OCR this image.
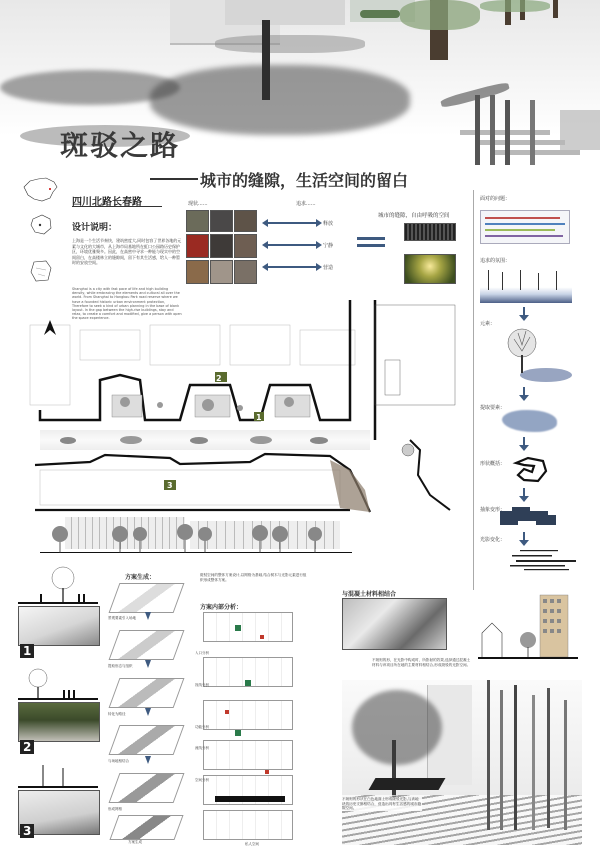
斑驳之路
城市的缝隙，生活空间的留白
四川北路长春路
设计说明：
上海是一个生活节奏快，建筑密度大,同时包容了世界各地的元素与文化的大城市，从上海市局基地所在虹口公园路历史保护区，环境优雅聚多。因此，在高密中寻求一种能与现实中的空间留白，在高楼林立的缝隙间，留下有其生活感，给人一种暂时的安放空间。
Shanghai is a city with fast pace of life and high building density, while embracing the elements and cultural all over the world. From Shanghai to Hongkou Park road reserve where we have a founded historic urban environment protection, Therefore to seek a kind of urban planning in the base of blank layout. In the gap between the high-rise buildings, stay and relax, to create a comfort and modified, give a person with open the space experience.
现状......	追求......
释放
宁静
营造
城市的缝隙，自由呼吸的空间
面对的问题：
追求的氛围：
元素：
提取要素：
形状概括：
抽象变形：
光影变化：
2
1
3
1
2
3
方案生成：
景观要素引入场地
提取形态与组织
转化为路径
与场地相结合
形成网格
方案生成
斑驳空间的整体方案设计,以网格为基础,结合树木与光影元素进行组织形成整体方案。
方案内部分析：
入口分析
视线分析
功能分析
流线分析
空间分析
私人空间
与混凝土材料相结合
不规则的形，在光影中构成时，所影射的效果,选择通过混凝土材料与该项目所在地的主要材料相结合,形成斑驳的光影空间。
不规则的形状在白色地面上形成斑驳光影,与该地块的历史文脉相结合，营造出具有生活感的城市缝隙空间。
